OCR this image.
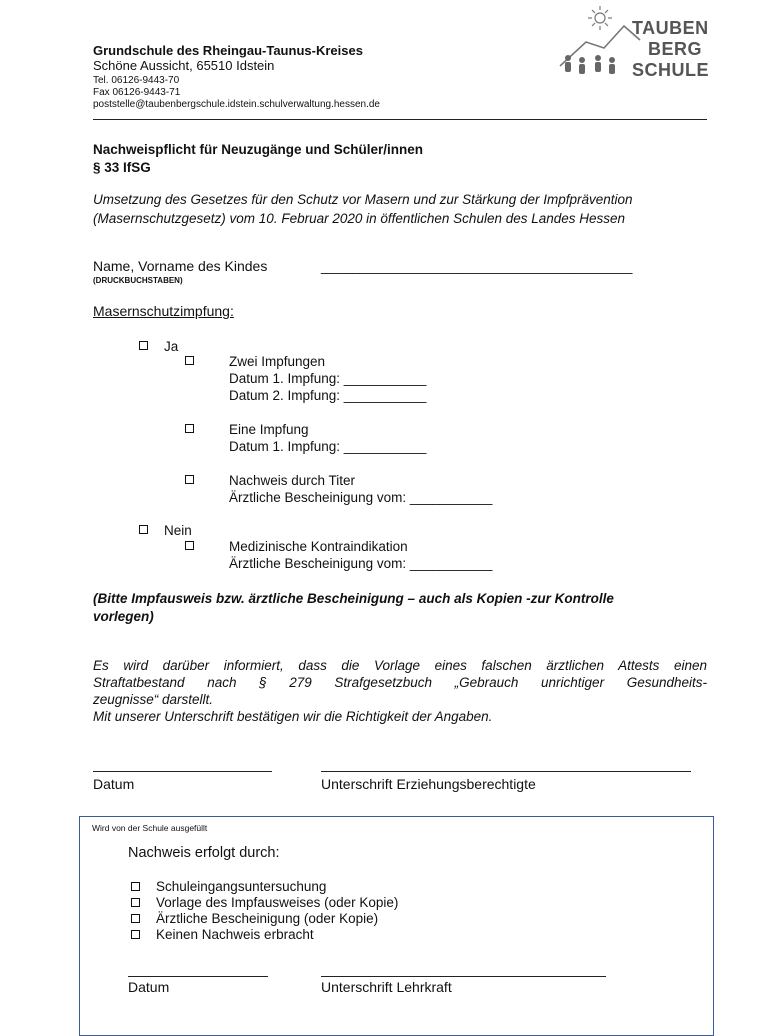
Grundschule des Rheingau-Taunus-Kreises
Schöne Aussicht, 65510 Idstein
Tel. 06126-9443-70
Fax 06126-9443-71
poststelle@taubenbergschule.idstein.schulverwaltung.hessen.de
TAUBEN
BERG
SCHULE
Nachweispflicht für Neuzugänge und Schüler/innen
§ 33 IfSG
Umsetzung des Gesetzes für den Schutz vor Masern und zur Stärkung der Impfprävention
(Masernschutzgesetz) vom 10. Februar 2020 in öffentlichen Schulen des Landes Hessen
Name, Vorname des Kindes
(DRUCKBUCHSTABEN)
________________________________________
Masernschutzimpfung:
Ja
Zwei Impfungen
Datum 1. Impfung: ___________
Datum 2. Impfung: ___________
Eine Impfung
Datum 1. Impfung: ___________
Nachweis durch Titer
Ärztliche Bescheinigung vom: ___________
Nein
Medizinische Kontraindikation
Ärztliche Bescheinigung vom: ___________
(Bitte Impfausweis bzw. ärztliche Bescheinigung – auch als Kopien -zur Kontrolle
vorlegen)
Es wird darüber informiert, dass die Vorlage eines falschen ärztlichen Attests einen
Straftatbestand nach § 279 Strafgesetzbuch „Gebrauch unrichtiger Gesundheits-
zeugnisse“ darstellt.
Mit unserer Unterschrift bestätigen wir die Richtigkeit der Angaben.
Datum	Unterschrift Erziehungsberechtigte
Wird von der Schule ausgefüllt
Nachweis erfolgt durch:
Schuleingangsuntersuchung
Vorlage des Impfausweises (oder Kopie)
Ärztliche Bescheinigung (oder Kopie)
Keinen Nachweis erbracht
Datum	Unterschrift Lehrkraft
